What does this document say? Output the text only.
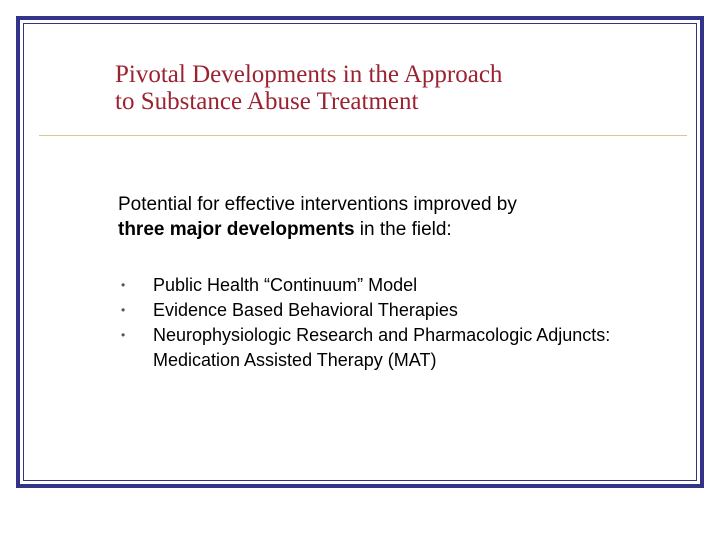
Pivotal Developments in the Approach
to Substance Abuse Treatment
Potential for effective interventions improved by
three major developments in the field:
• Public Health “Continuum” Model
• Evidence Based Behavioral Therapies
• Neurophysiologic Research and Pharmacologic Adjuncts: Medication Assisted Therapy (MAT)
